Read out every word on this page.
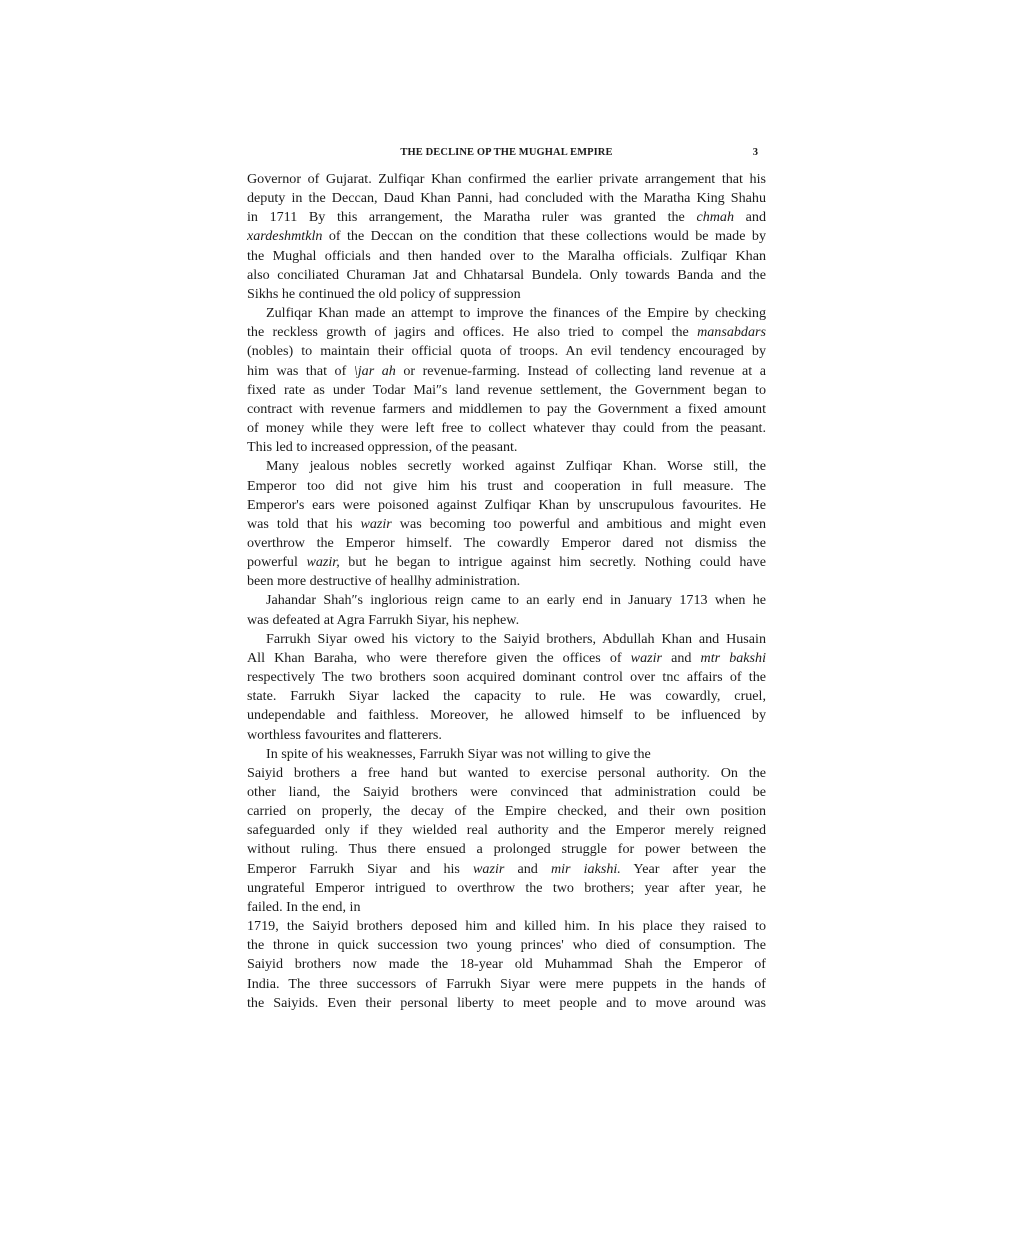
THE DECLINE OP THE MUGHAL EMPIRE	3
Governor of Gujarat. Zulfiqar Khan confirmed the earlier private arrangement that his
deputy in the Deccan, Daud Khan Panni, had concluded with the Maratha King Shahu
in 1711 By this arrangement, the Maratha ruler was granted the chmah and
xardeshmtkln of the Deccan on the condition that these collections would be made by
the Mughal officials and then handed over to the Maralha officials. Zulfiqar Khan
also conciliated Churaman Jat and Chhatarsal Bundela. Only towards Banda and the
Sikhs he continued the old policy of suppression
Zulfiqar Khan made an attempt to improve the finances of the Empire by checking
the reckless growth of jagirs and offices. He also tried to compel the mansabdars
(nobles) to maintain their official quota of troops. An evil tendency encouraged by
him was that of \jar ah or revenue-farming. Instead of collecting land revenue at a
fixed rate as under Todar Mai″s land revenue settlement, the Government began to
contract with revenue farmers and middlemen to pay the Government a fixed amount
of money while they were left free to collect whatever thay could from the peasant.
This led to increased oppression, of the peasant.
Many jealous nobles secretly worked against Zulfiqar Khan. Worse still, the
Emperor too did not give him his trust and cooperation in full measure. The
Emperor's ears were poisoned against Zulfiqar Khan by unscrupulous favourites. He
was told that his wazir was becoming too powerful and ambitious and might even
overthrow the Emperor himself. The cowardly Emperor dared not dismiss the
powerful wazir, but he began to intrigue against him secretly. Nothing could have
been more destructive of heallhy administration.
Jahandar Shah″s inglorious reign came to an early end in January 1713 when he
was defeated at Agra Farrukh Siyar, his nephew.
Farrukh Siyar owed his victory to the Saiyid brothers, Abdullah Khan and Husain
All Khan Baraha, who were therefore given the offices of wazir and mtr bakshi
respectively The two brothers soon acquired dominant control over tnc affairs of the
state. Farrukh Siyar lacked the capacity to rule. He was cowardly, cruel,
undependable and faithless. Moreover, he allowed himself to be influenced by
worthless favourites and flatterers.
In spite of his weaknesses, Farrukh Siyar was not willing to give the
Saiyid brothers a free hand but wanted to exercise personal authority. On the
other liand, the Saiyid brothers were convinced that administration could be
carried on properly, the decay of the Empire checked, and their own position
safeguarded only if they wielded real authority and the Emperor merely reigned
without ruling. Thus there ensued a prolonged struggle for power between the
Emperor Farrukh Siyar and his wazir and mir iakshi. Year after year the
ungrateful Emperor intrigued to overthrow the two brothers; year after year, he
failed. In the end, in
1719, the Saiyid brothers deposed him and killed him. In his place they raised to
the throne in quick succession two young princes' who died of consumption. The
Saiyid brothers now made the 18-year old Muhammad Shah the Emperor of
India. The three successors of Farrukh Siyar were mere puppets in the hands of
the Saiyids. Even their personal liberty to meet people and to move around was
